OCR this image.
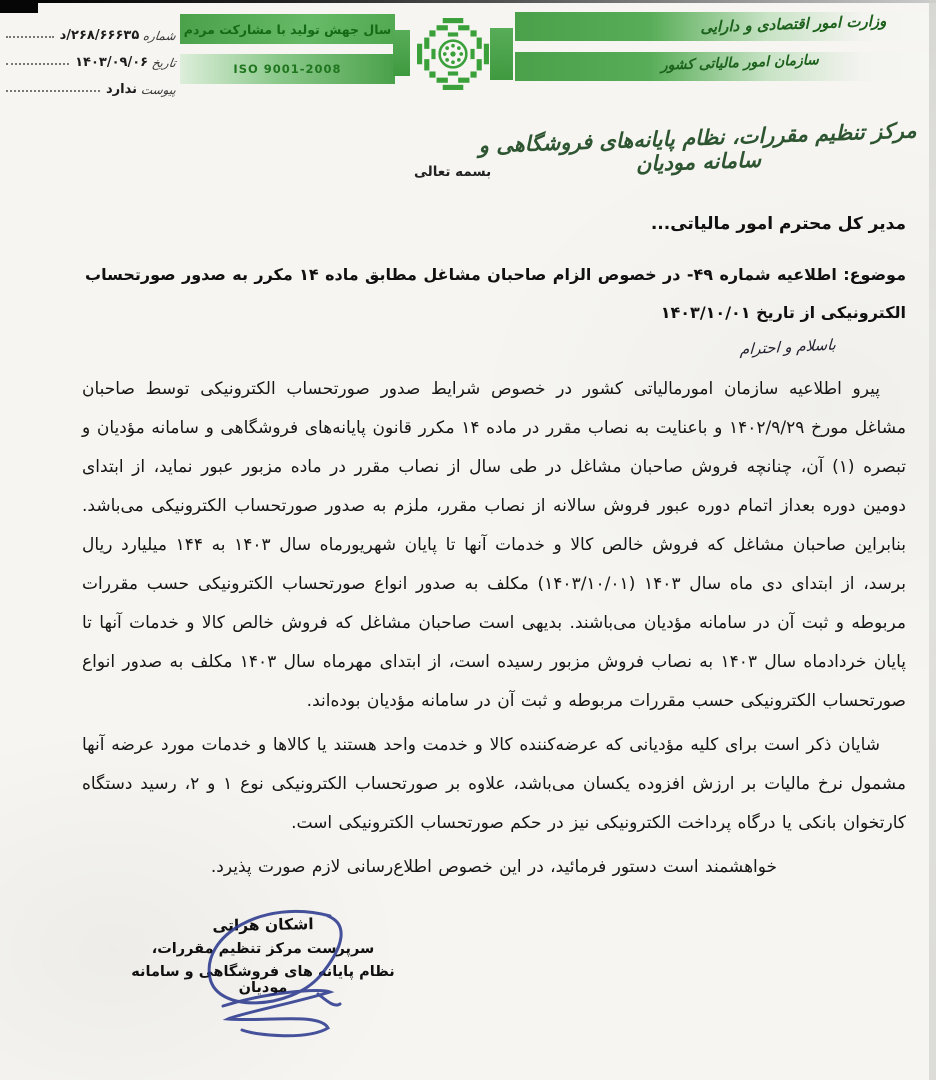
شماره
۲۶۸/۶۶۶۳۵/د
تاریخ
۱۴۰۳/۰۹/۰۶
پیوست
ندارد
سال جهش تولید با مشارکت مردم
ISO 9001-2008
وزارت امور اقتصادی و دارایی
سازمان امور مالیاتی کشور
مرکز تنظیم مقررات، نظام پایانه‌های فروشگاهی و سامانه مودیان
بسمه تعالی
مدیر کل محترم امور مالیاتی...
موضوع: اطلاعیه شماره ۴۹- در خصوص الزام صاحبان مشاغل مطابق ماده ۱۴ مکرر به صدور صورتحساب الکترونیکی از تاریخ ۱۴۰۳/۱۰/۰۱
باسلام و احترام

پیرو اطلاعیه سازمان امورمالیاتی کشور در خصوص شرایط صدور صورتحساب الکترونیکی توسط صاحبان مشاغل مورخ ۱۴۰۲/۹/۲۹ و باعنایت به نصاب مقرر در ماده ۱۴ مکرر قانون پایانه‌های فروشگاهی و سامانه مؤدیان و تبصره (۱) آن، چنانچه فروش صاحبان مشاغل در طی سال از نصاب مقرر در ماده مزبور عبور نماید، از ابتدای دومین دوره بعداز اتمام دوره عبور فروش سالانه از نصاب مقرر، ملزم به صدور صورتحساب الکترونیکی می‌باشد. بنابراین صاحبان مشاغل که فروش خالص کالا و خدمات آنها تا پایان شهریورماه سال ۱۴۰۳ به ۱۴۴ میلیارد ریال برسد، از ابتدای دی ماه سال ۱۴۰۳ (۱۴۰۳/۱۰/۰۱) مکلف به صدور انواع صورتحساب الکترونیکی حسب مقررات مربوطه و ثبت آن در سامانه مؤدیان می‌باشند. بدیهی است صاحبان مشاغل که فروش خالص کالا و خدمات آنها تا پایان خردادماه سال ۱۴۰۳ به نصاب فروش مزبور رسیده است، از ابتدای مهرماه سال ۱۴۰۳ مکلف به صدور انواع صورتحساب الکترونیکی حسب مقررات مربوطه و ثبت آن در سامانه مؤدیان بوده‌اند.

شایان ذکر است برای کلیه مؤدیانی که عرضه‌کننده کالا و خدمت واحد هستند یا کالاها و خدمات مورد عرضه آنها مشمول نرخ مالیات بر ارزش افزوده یکسان می‌باشد، علاوه بر صورتحساب الکترونیکی نوع ۱ و ۲، رسید دستگاه کارتخوان بانکی یا درگاه پرداخت الکترونیکی نیز در حکم صورتحساب الکترونیکی است.

خواهشمند است دستور فرمائید، در این خصوص اطلاع‌رسانی لازم صورت پذیرد.

اشکان هراتی
سرپرست مرکز تنظیم مقررات،
نظام پایانه های فروشگاهی و سامانه مودیان
